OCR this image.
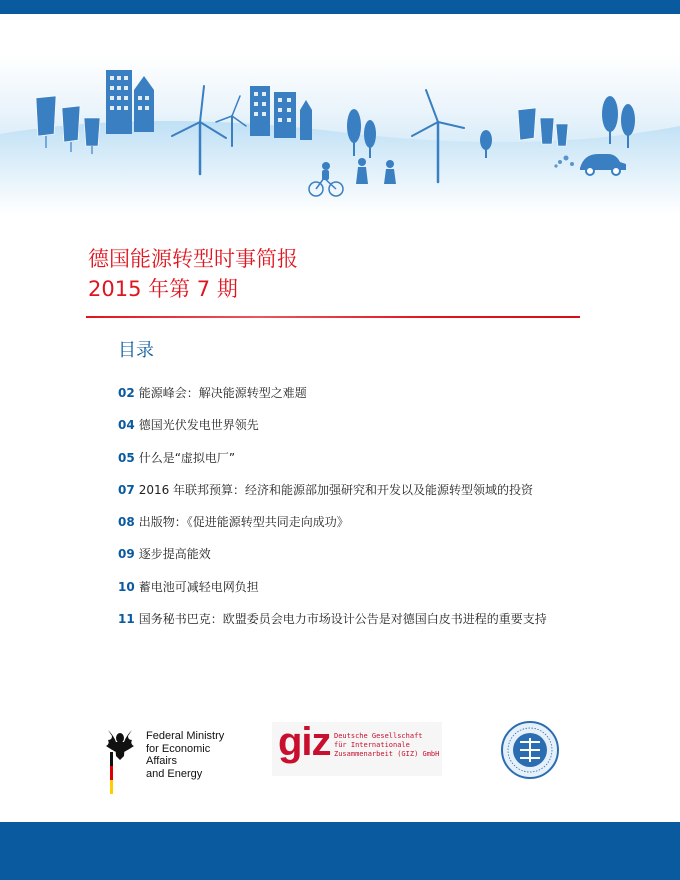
德国能源转型时事简报
2015 年第 7 期
目录
02 能源峰会：解决能源转型之难题
04 德国光伏发电世界领先
05 什么是“虚拟电厂”
07 2016 年联邦预算：经济和能源部加强研究和开发以及能源转型领域的投资
08 出版物：《促进能源转型共同走向成功》
09 逐步提高能效
10 蓄电池可减轻电网负担
11 国务秘书巴克：欧盟委员会电力市场设计公告是对德国白皮书进程的重要支持
Federal Ministry
for Economic Affairs
and Energy
giz Deutsche Gesellschaft
für Internationale
Zusammenarbeit (GIZ) GmbH
